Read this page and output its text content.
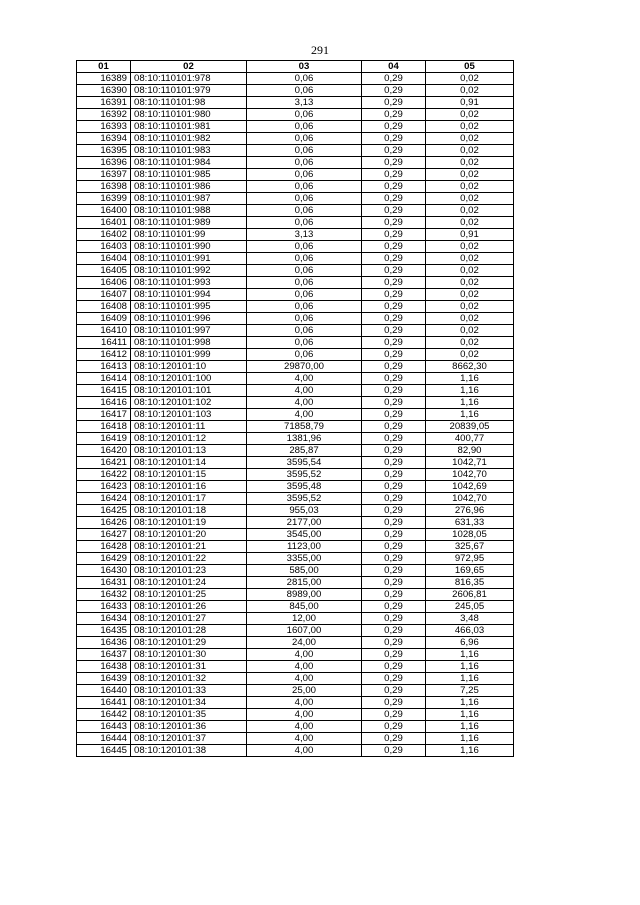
291
01	02	03	04	05
16389	08:10:110101:978	0,06	0,29	0,02
16390	08:10:110101:979	0,06	0,29	0,02
16391	08:10:110101:98	3,13	0,29	0,91
16392	08:10:110101:980	0,06	0,29	0,02
16393	08:10:110101:981	0,06	0,29	0,02
16394	08:10:110101:982	0,06	0,29	0,02
16395	08:10:110101:983	0,06	0,29	0,02
16396	08:10:110101:984	0,06	0,29	0,02
16397	08:10:110101:985	0,06	0,29	0,02
16398	08:10:110101:986	0,06	0,29	0,02
16399	08:10:110101:987	0,06	0,29	0,02
16400	08:10:110101:988	0,06	0,29	0,02
16401	08:10:110101:989	0,06	0,29	0,02
16402	08:10:110101:99	3,13	0,29	0,91
16403	08:10:110101:990	0,06	0,29	0,02
16404	08:10:110101:991	0,06	0,29	0,02
16405	08:10:110101:992	0,06	0,29	0,02
16406	08:10:110101:993	0,06	0,29	0,02
16407	08:10:110101:994	0,06	0,29	0,02
16408	08:10:110101:995	0,06	0,29	0,02
16409	08:10:110101:996	0,06	0,29	0,02
16410	08:10:110101:997	0,06	0,29	0,02
16411	08:10:110101:998	0,06	0,29	0,02
16412	08:10:110101:999	0,06	0,29	0,02
16413	08:10:120101:10	29870,00	0,29	8662,30
16414	08:10:120101:100	4,00	0,29	1,16
16415	08:10:120101:101	4,00	0,29	1,16
16416	08:10:120101:102	4,00	0,29	1,16
16417	08:10:120101:103	4,00	0,29	1,16
16418	08:10:120101:11	71858,79	0,29	20839,05
16419	08:10:120101:12	1381,96	0,29	400,77
16420	08:10:120101:13	285,87	0,29	82,90
16421	08:10:120101:14	3595,54	0,29	1042,71
16422	08:10:120101:15	3595,52	0,29	1042,70
16423	08:10:120101:16	3595,48	0,29	1042,69
16424	08:10:120101:17	3595,52	0,29	1042,70
16425	08:10:120101:18	955,03	0,29	276,96
16426	08:10:120101:19	2177,00	0,29	631,33
16427	08:10:120101:20	3545,00	0,29	1028,05
16428	08:10:120101:21	1123,00	0,29	325,67
16429	08:10:120101:22	3355,00	0,29	972,95
16430	08:10:120101:23	585,00	0,29	169,65
16431	08:10:120101:24	2815,00	0,29	816,35
16432	08:10:120101:25	8989,00	0,29	2606,81
16433	08:10:120101:26	845,00	0,29	245,05
16434	08:10:120101:27	12,00	0,29	3,48
16435	08:10:120101:28	1607,00	0,29	466,03
16436	08:10:120101:29	24,00	0,29	6,96
16437	08:10:120101:30	4,00	0,29	1,16
16438	08:10:120101:31	4,00	0,29	1,16
16439	08:10:120101:32	4,00	0,29	1,16
16440	08:10:120101:33	25,00	0,29	7,25
16441	08:10:120101:34	4,00	0,29	1,16
16442	08:10:120101:35	4,00	0,29	1,16
16443	08:10:120101:36	4,00	0,29	1,16
16444	08:10:120101:37	4,00	0,29	1,16
16445	08:10:120101:38	4,00	0,29	1,16
